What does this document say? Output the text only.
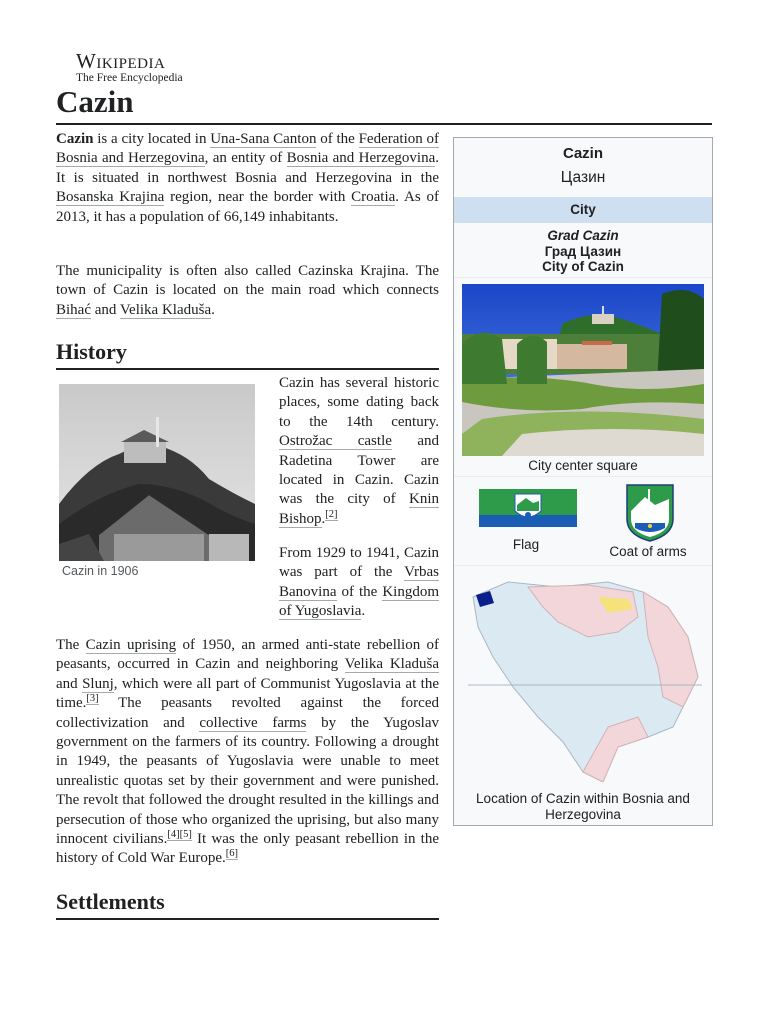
Wikipedia
The Free Encyclopedia
Cazin

Cazin is a city located in Una-Sana Canton of the Federation of Bosnia and Herzegovina, an entity of Bosnia and Herzegovina. It is situated in northwest Bosnia and Herzegovina in the Bosanska Krajina region, near the border with Croatia. As of 2013, it has a population of 66,149 inhabitants.

The municipality is often also called Cazinska Krajina. The town of Cazin is located on the main road which connects Bihać and Velika Kladuša.

History
Cazin in 1906
Cazin has several historic places, some dating back to the 14th century. Ostrožac castle and Radetina Tower are located in Cazin. Cazin was the city of Knin Bishop.[2]
From 1929 to 1941, Cazin was part of the Vrbas Banovina of the Kingdom of Yugoslavia.

The Cazin uprising of 1950, an armed anti-state rebellion of peasants, occurred in Cazin and neighboring Velika Kladuša and Slunj, which were all part of Communist Yugoslavia at the time.[3] The peasants revolted against the forced collectivization and collective farms by the Yugoslav government on the farmers of its country. Following a drought in 1949, the peasants of Yugoslavia were unable to meet unrealistic quotas set by their government and were punished. The revolt that followed the drought resulted in the killings and persecution of those who organized the uprising, but also many innocent civilians.[4][5] It was the only peasant rebellion in the history of Cold War Europe.[6]

Settlements
Cazin
Цазин
City
Grad Cazin
Град Цазин
City of Cazin
City center square
Flag	Coat of arms
Location of Cazin within Bosnia and Herzegovina
